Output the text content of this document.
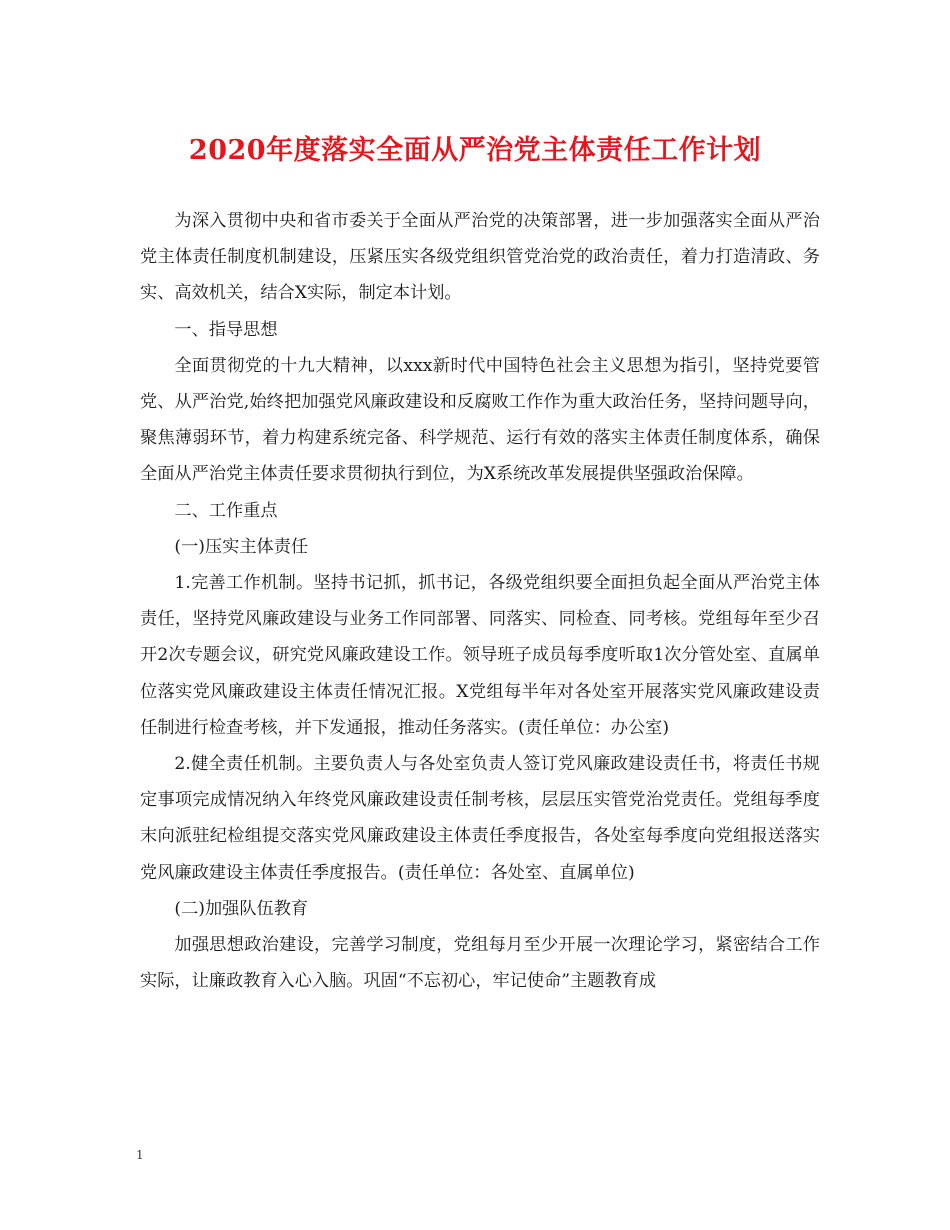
2020年度落实全面从严治党主体责任工作计划

为深入贯彻中央和省市委关于全面从严治党的决策部署，进一步加强落实全面从严治党主体责任制度机制建设，压紧压实各级党组织管党治党的政治责任，着力打造清政、务实、高效机关，结合X实际，制定本计划。

一、指导思想

全面贯彻党的十九大精神，以xxx新时代中国特色社会主义思想为指引，坚持党要管党、从严治党,始终把加强党风廉政建设和反腐败工作作为重大政治任务，坚持问题导向，聚焦薄弱环节，着力构建系统完备、科学规范、运行有效的落实主体责任制度体系，确保全面从严治党主体责任要求贯彻执行到位，为X系统改革发展提供坚强政治保障。

二、工作重点

(一)压实主体责任

1.完善工作机制。坚持书记抓，抓书记，各级党组织要全面担负起全面从严治党主体责任，坚持党风廉政建设与业务工作同部署、同落实、同检查、同考核。党组每年至少召开2次专题会议，研究党风廉政建设工作。领导班子成员每季度听取1次分管处室、直属单位落实党风廉政建设主体责任情况汇报。X党组每半年对各处室开展落实党风廉政建设责任制进行检查考核，并下发通报，推动任务落实。(责任单位：办公室)

2.健全责任机制。主要负责人与各处室负责人签订党风廉政建设责任书，将责任书规定事项完成情况纳入年终党风廉政建设责任制考核，层层压实管党治党责任。党组每季度末向派驻纪检组提交落实党风廉政建设主体责任季度报告，各处室每季度向党组报送落实党风廉政建设主体责任季度报告。(责任单位：各处室、直属单位)

(二)加强队伍教育

加强思想政治建设，完善学习制度，党组每月至少开展一次理论学习，紧密结合工作实际，让廉政教育入心入脑。巩固“不忘初心，牢记使命”主题教育成

1
